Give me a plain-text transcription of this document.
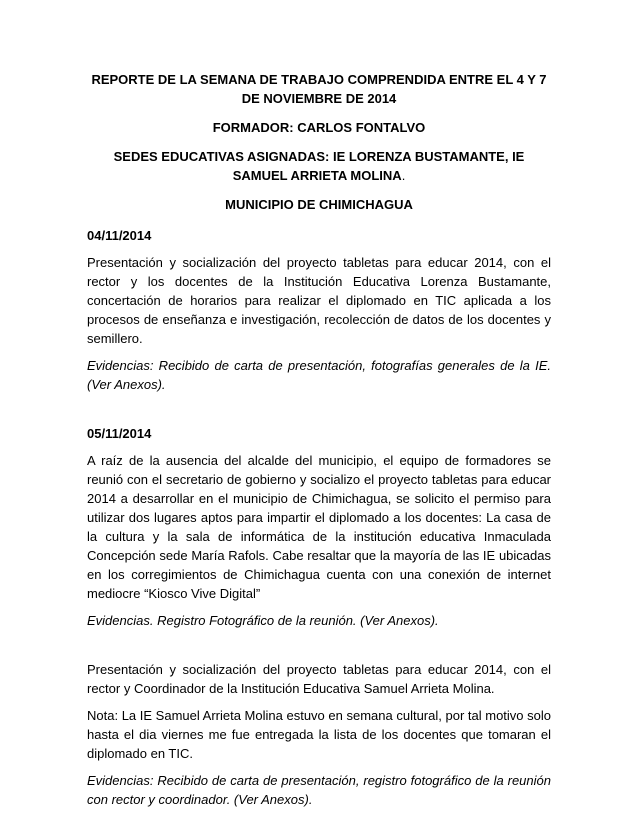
REPORTE DE LA SEMANA DE TRABAJO COMPRENDIDA ENTRE EL 4 Y 7 DE NOVIEMBRE DE 2014
FORMADOR: CARLOS FONTALVO
SEDES EDUCATIVAS ASIGNADAS: IE LORENZA BUSTAMANTE, IE SAMUEL ARRIETA MOLINA.
MUNICIPIO DE CHIMICHAGUA
04/11/2014
Presentación y socialización del proyecto tabletas para educar 2014, con el rector y los docentes de la Institución Educativa Lorenza Bustamante, concertación de horarios para realizar el diplomado en TIC aplicada a los procesos de enseñanza e investigación, recolección de datos de los docentes y semillero.
Evidencias: Recibido de carta de presentación, fotografías generales de la IE. (Ver Anexos).
05/11/2014
A raíz de la ausencia del alcalde del municipio, el equipo de formadores se reunió con el secretario de gobierno y socializo el proyecto tabletas para educar 2014 a desarrollar en el municipio de Chimichagua, se solicito el permiso para utilizar dos lugares aptos para impartir el diplomado a los docentes: La casa de la cultura y la sala de informática de la institución educativa Inmaculada Concepción sede María Rafols. Cabe resaltar que la mayoría de las IE ubicadas en los corregimientos de Chimichagua cuenta con una conexión de internet mediocre “Kiosco Vive Digital”
Evidencias. Registro Fotográfico de la reunión. (Ver Anexos).
Presentación y socialización del proyecto tabletas para educar 2014, con el rector y Coordinador de la Institución Educativa Samuel Arrieta Molina.
Nota: La IE Samuel Arrieta Molina estuvo en semana cultural, por tal motivo solo hasta el dia viernes me fue entregada la lista de los docentes que tomaran el diplomado en TIC.
Evidencias: Recibido de carta de presentación, registro fotográfico de la reunión con rector y coordinador. (Ver Anexos).
